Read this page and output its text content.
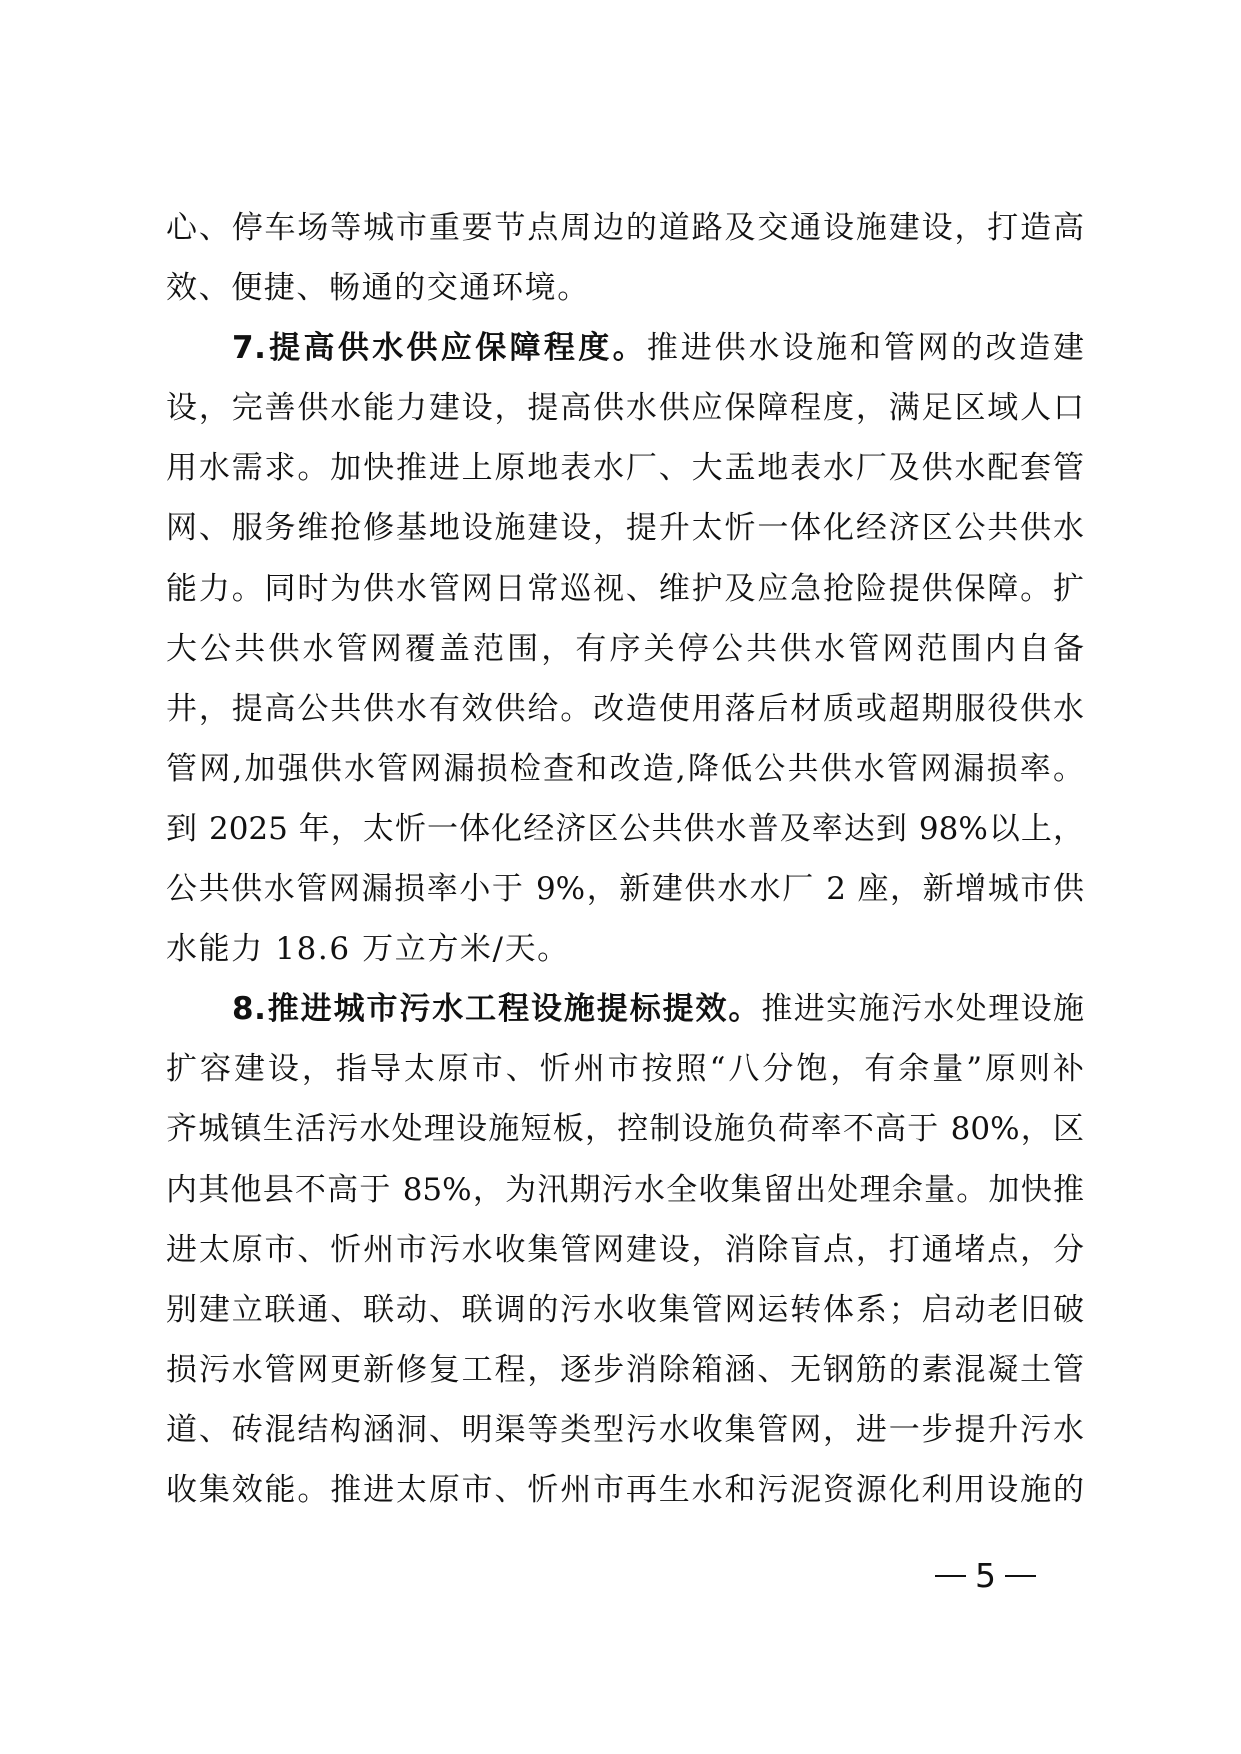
心、停车场等城市重要节点周边的道路及交通设施建设，打造高
效、便捷、畅通的交通环境。
7.提高供水供应保障程度。推进供水设施和管网的改造建
设，完善供水能力建设，提高供水供应保障程度，满足区域人口
用水需求。加快推进上原地表水厂、大盂地表水厂及供水配套管
网、服务维抢修基地设施建设，提升太忻一体化经济区公共供水
能力。同时为供水管网日常巡视、维护及应急抢险提供保障。扩
大公共供水管网覆盖范围，有序关停公共供水管网范围内自备
井，提高公共供水有效供给。改造使用落后材质或超期服役供水
管网,加强供水管网漏损检查和改造,降低公共供水管网漏损率。
到 2025 年，太忻一体化经济区公共供水普及率达到 98%以上，
公共供水管网漏损率小于 9%，新建供水水厂 2 座，新增城市供
水能力 18.6 万立方米/天。
8.推进城市污水工程设施提标提效。推进实施污水处理设施
扩容建设，指导太原市、忻州市按照“八分饱，有余量”原则补
齐城镇生活污水处理设施短板，控制设施负荷率不高于 80%，区
内其他县不高于 85%，为汛期污水全收集留出处理余量。加快推
进太原市、忻州市污水收集管网建设，消除盲点，打通堵点，分
别建立联通、联动、联调的污水收集管网运转体系；启动老旧破
损污水管网更新修复工程，逐步消除箱涵、无钢筋的素混凝土管
道、砖混结构涵洞、明渠等类型污水收集管网，进一步提升污水
收集效能。推进太原市、忻州市再生水和污泥资源化利用设施的
5
